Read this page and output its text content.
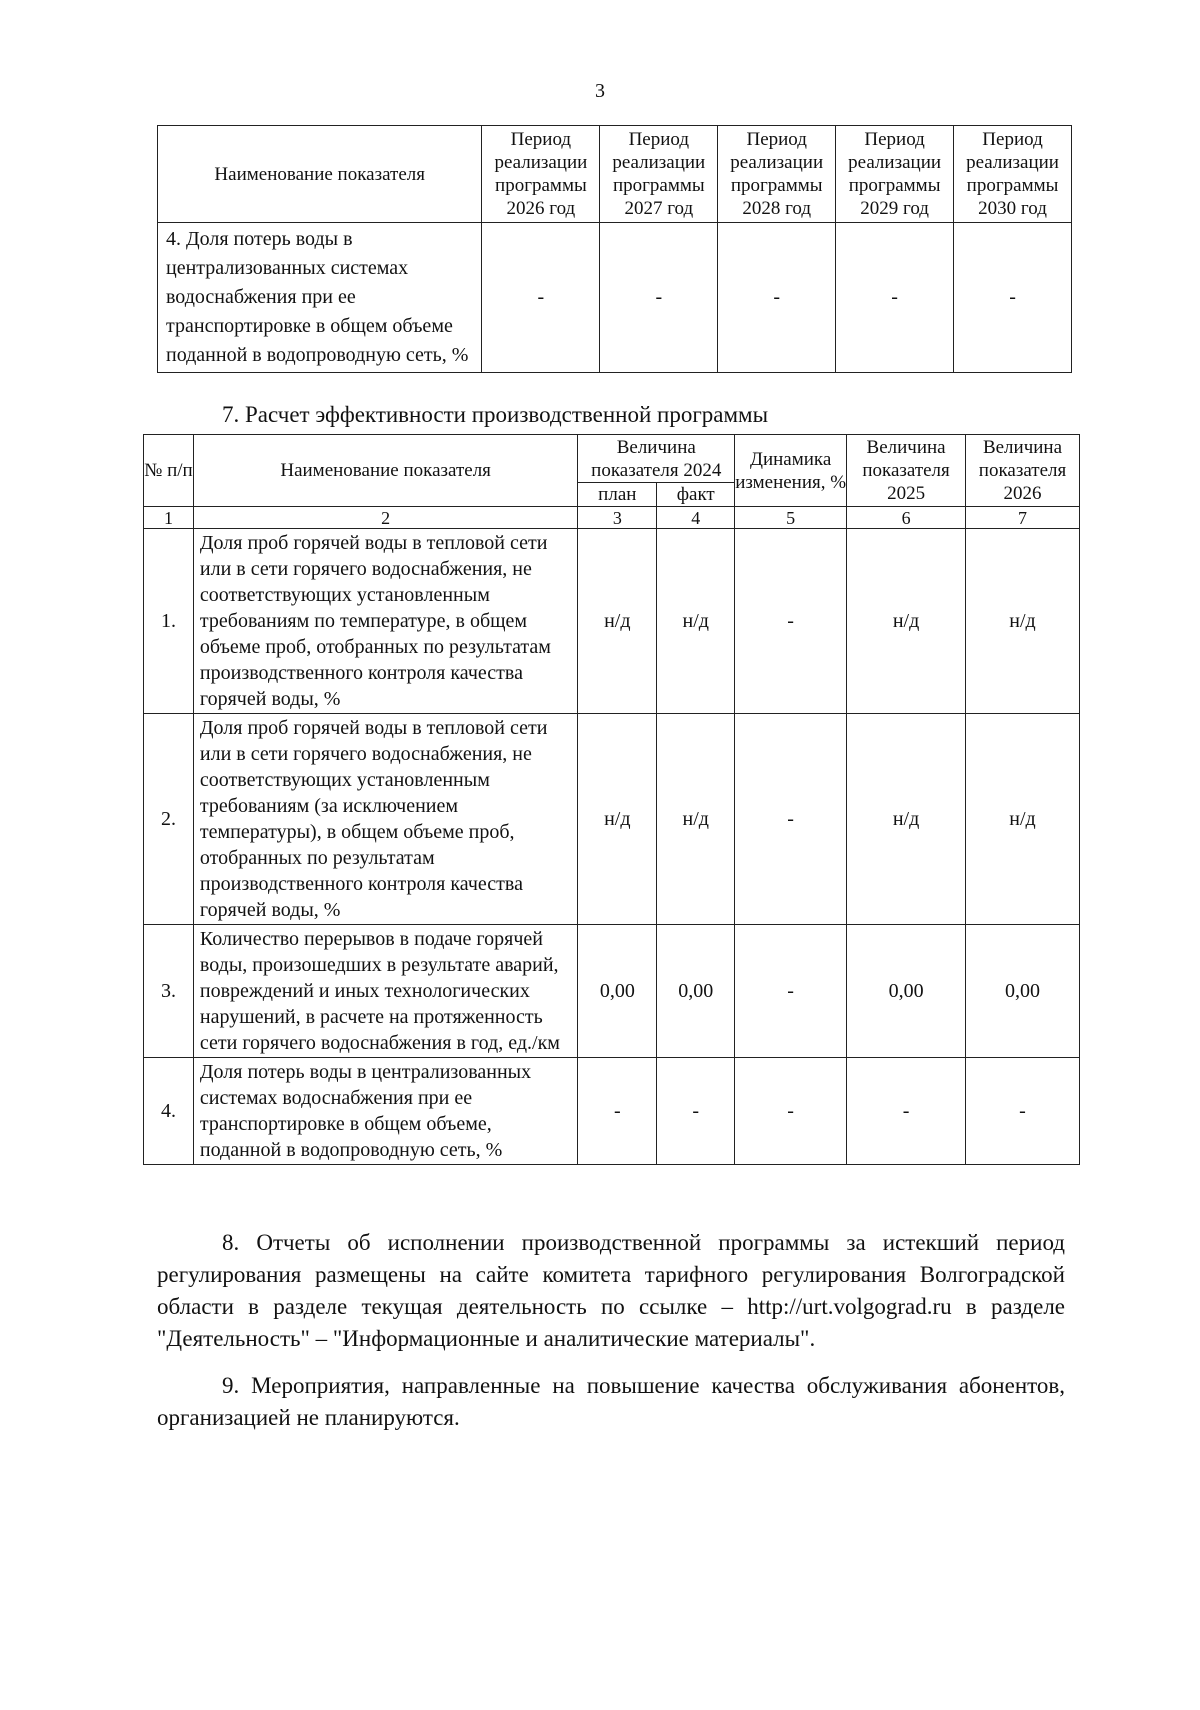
3
Наименование показателя	Период
реализации
программы
2026 год	Период
реализации
программы
2027 год	Период
реализации
программы
2028 год	Период
реализации
программы
2029 год	Период
реализации
программы
2030 год
4. Доля потерь воды в централизованных системах водоснабжения при ее транспортировке в общем объеме поданной в водопроводную сеть, %	-	-	-	-	-
7. Расчет эффективности производственной программы
№ п/п	Наименование показателя	Величина показателя 2024		Динамика изменения, %	Величина показателя 2025	Величина показателя 2026
		план	факт			
1	2	3	4	5	6	7
1.	Доля проб горячей воды в тепловой сети или в сети горячего водоснабжения, не соответствующих установленным требованиям по температуре, в общем объеме проб, отобранных по результатам производственного контроля качества горячей воды, %	н/д	н/д	-	н/д	н/д
2.	Доля проб горячей воды в тепловой сети или в сети горячего водоснабжения, не соответствующих установленным требованиям (за исключением температуры), в общем объеме проб, отобранных по результатам производственного контроля качества горячей воды, %	н/д	н/д	-	н/д	н/д
3.	Количество перерывов в подаче горячей воды, произошедших в результате аварий, повреждений и иных технологических нарушений, в расчете на протяженность сети горячего водоснабжения в год, ед./км	0,00	0,00	-	0,00	0,00
4.	Доля потерь воды в централизованных системах водоснабжения при ее транспортировке в общем объеме, поданной в водопроводную сеть, %	-	-	-	-	-
8. Отчеты об исполнении производственной программы за истекший период регулирования размещены на сайте комитета тарифного регулирования Волгоградской области в разделе текущая деятельность по ссылке – http://urt.volgograd.ru в разделе "Деятельность" – "Информационные и аналитические материалы".
9. Мероприятия, направленные на повышение качества обслуживания абонентов, организацией не планируются.
